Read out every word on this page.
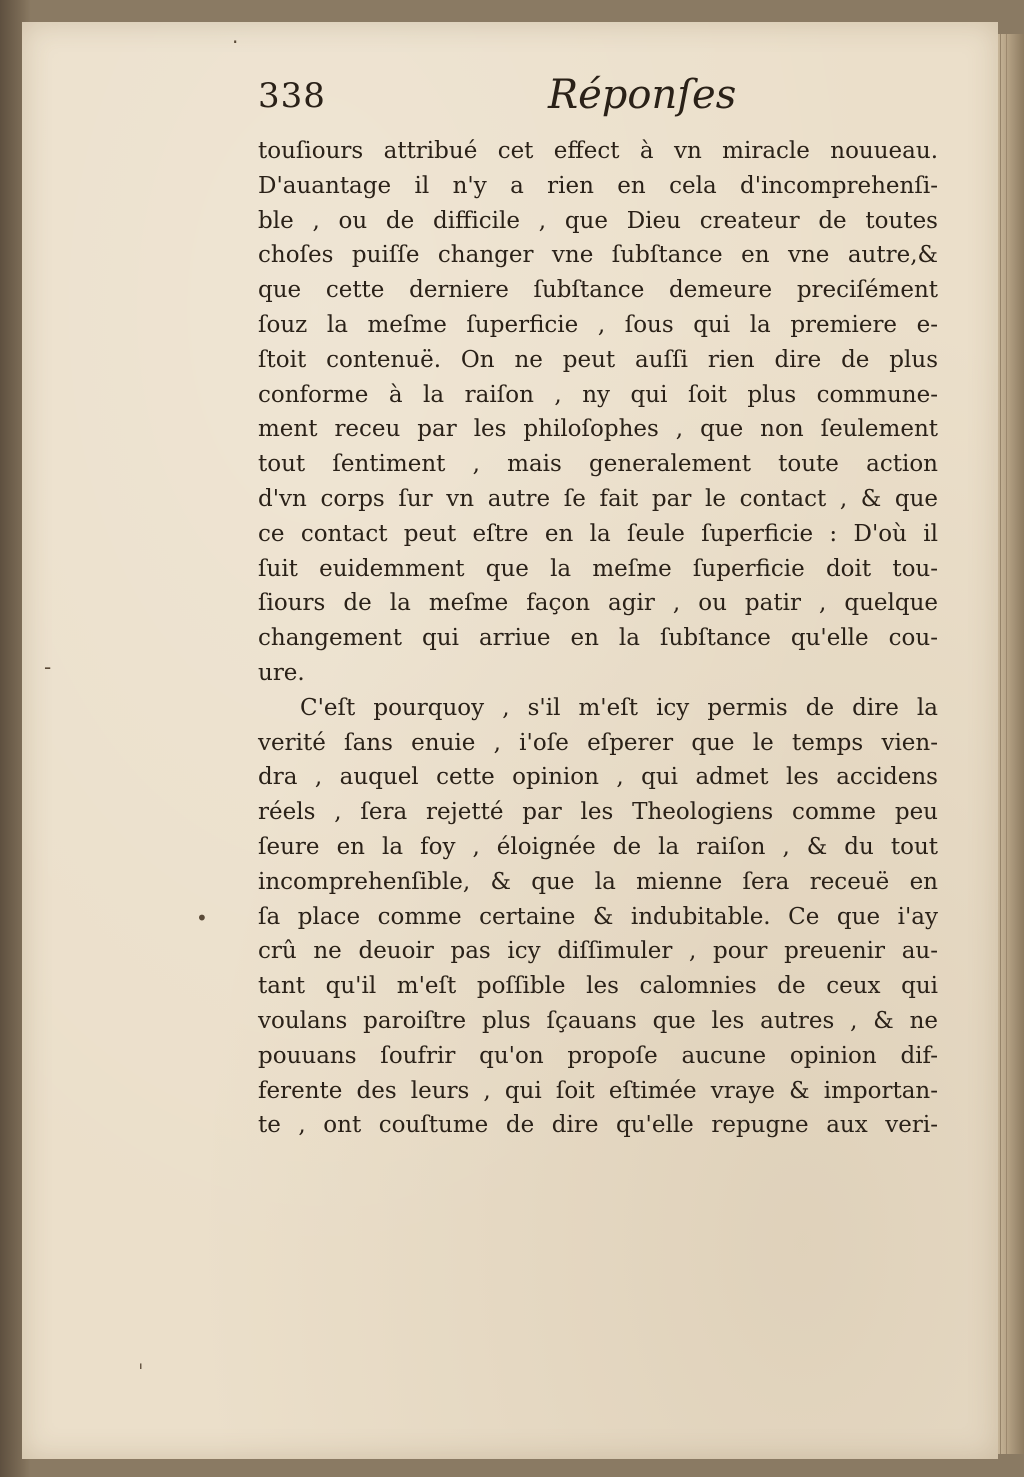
338	Réponſes
touſiours attribué cet effect à vn miracle nouueau.
D'auantage il n'y a rien en cela d'incomprehenſi-
ble , ou de difficile , que Dieu createur de toutes
choſes puiſſe changer vne ſubſtance en vne autre,&
que cette derniere ſubſtance demeure preciſément
ſouz la meſme ſuperficie , ſous qui la premiere e-
ſtoit contenuë. On ne peut auſſi rien dire de plus
conforme à la raiſon , ny qui ſoit plus commune-
ment receu par les philoſophes , que non ſeulement
tout ſentiment , mais generalement toute action
d'vn corps ſur vn autre ſe fait par le contact , & que
ce contact peut eſtre en la ſeule ſuperficie : D'où il
ſuit euidemment que la meſme ſuperficie doit tou-
ſiours de la meſme façon agir , ou patir , quelque
changement qui arriue en la ſubſtance qu'elle cou-
ure.
C'eſt pourquoy , s'il m'eſt icy permis de dire la
verité ſans enuie , i'oſe eſperer que le temps vien-
dra , auquel cette opinion , qui admet les accidens
réels , ſera rejetté par les Theologiens comme peu
ſeure en la foy , éloignée de la raiſon , & du tout
incomprehenſible, & que la mienne ſera receuë en
ſa place comme certaine & indubitable. Ce que i'ay
crû ne deuoir pas icy diſſimuler , pour preuenir au-
tant qu'il m'eſt poſſible les calomnies de ceux qui
voulans paroiſtre plus ſçauans que les autres , & ne
pouuans ſoufrir qu'on propoſe aucune opinion dif-
ferente des leurs , qui ſoit eſtimée vraye & importan-
te , ont couſtume de dire qu'elle repugne aux veri-
·
-
•
ˈ
